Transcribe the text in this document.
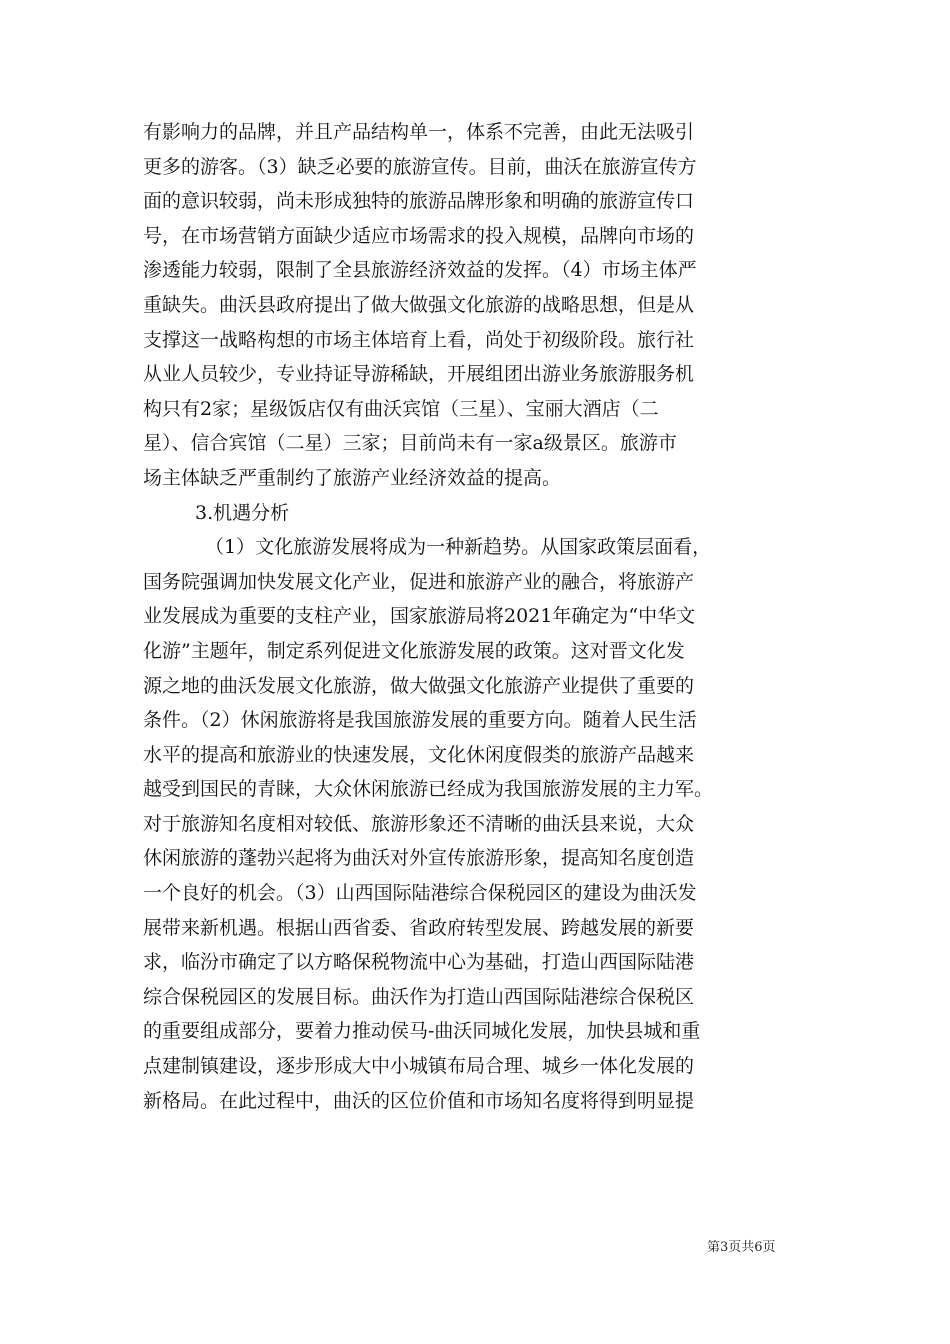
有影响力的品牌，并且产品结构单一，体系不完善，由此无法吸引
更多的游客。（3）缺乏必要的旅游宣传。目前，曲沃在旅游宣传方
面的意识较弱，尚未形成独特的旅游品牌形象和明确的旅游宣传口
号，在市场营销方面缺少适应市场需求的投入规模，品牌向市场的
渗透能力较弱，限制了全县旅游经济效益的发挥。（4）市场主体严
重缺失。曲沃县政府提出了做大做强文化旅游的战略思想，但是从
支撑这一战略构想的市场主体培育上看，尚处于初级阶段。旅行社
从业人员较少，专业持证导游稀缺，开展组团出游业务旅游服务机
构只有2家；星级饭店仅有曲沃宾馆（三星）、宝丽大酒店（二
星）、信合宾馆（二星）三家；目前尚未有一家a级景区。旅游市
场主体缺乏严重制约了旅游产业经济效益的提高。
3.机遇分析
（1）文化旅游发展将成为一种新趋势。从国家政策层面看，
国务院强调加快发展文化产业，促进和旅游产业的融合，将旅游产
业发展成为重要的支柱产业，国家旅游局将2021年确定为“中华文
化游”主题年，制定系列促进文化旅游发展的政策。这对晋文化发
源之地的曲沃发展文化旅游，做大做强文化旅游产业提供了重要的
条件。（2）休闲旅游将是我国旅游发展的重要方向。随着人民生活
水平的提高和旅游业的快速发展，文化休闲度假类的旅游产品越来
越受到国民的青睐，大众休闲旅游已经成为我国旅游发展的主力军。
对于旅游知名度相对较低、旅游形象还不清晰的曲沃县来说，大众
休闲旅游的蓬勃兴起将为曲沃对外宣传旅游形象，提高知名度创造
一个良好的机会。（3）山西国际陆港综合保税园区的建设为曲沃发
展带来新机遇。根据山西省委、省政府转型发展、跨越发展的新要
求，临汾市确定了以方略保税物流中心为基础，打造山西国际陆港
综合保税园区的发展目标。曲沃作为打造山西国际陆港综合保税区
的重要组成部分，要着力推动侯马-曲沃同城化发展，加快县城和重
点建制镇建设，逐步形成大中小城镇布局合理、城乡一体化发展的
新格局。在此过程中，曲沃的区位价值和市场知名度将得到明显提
第3页共6页
